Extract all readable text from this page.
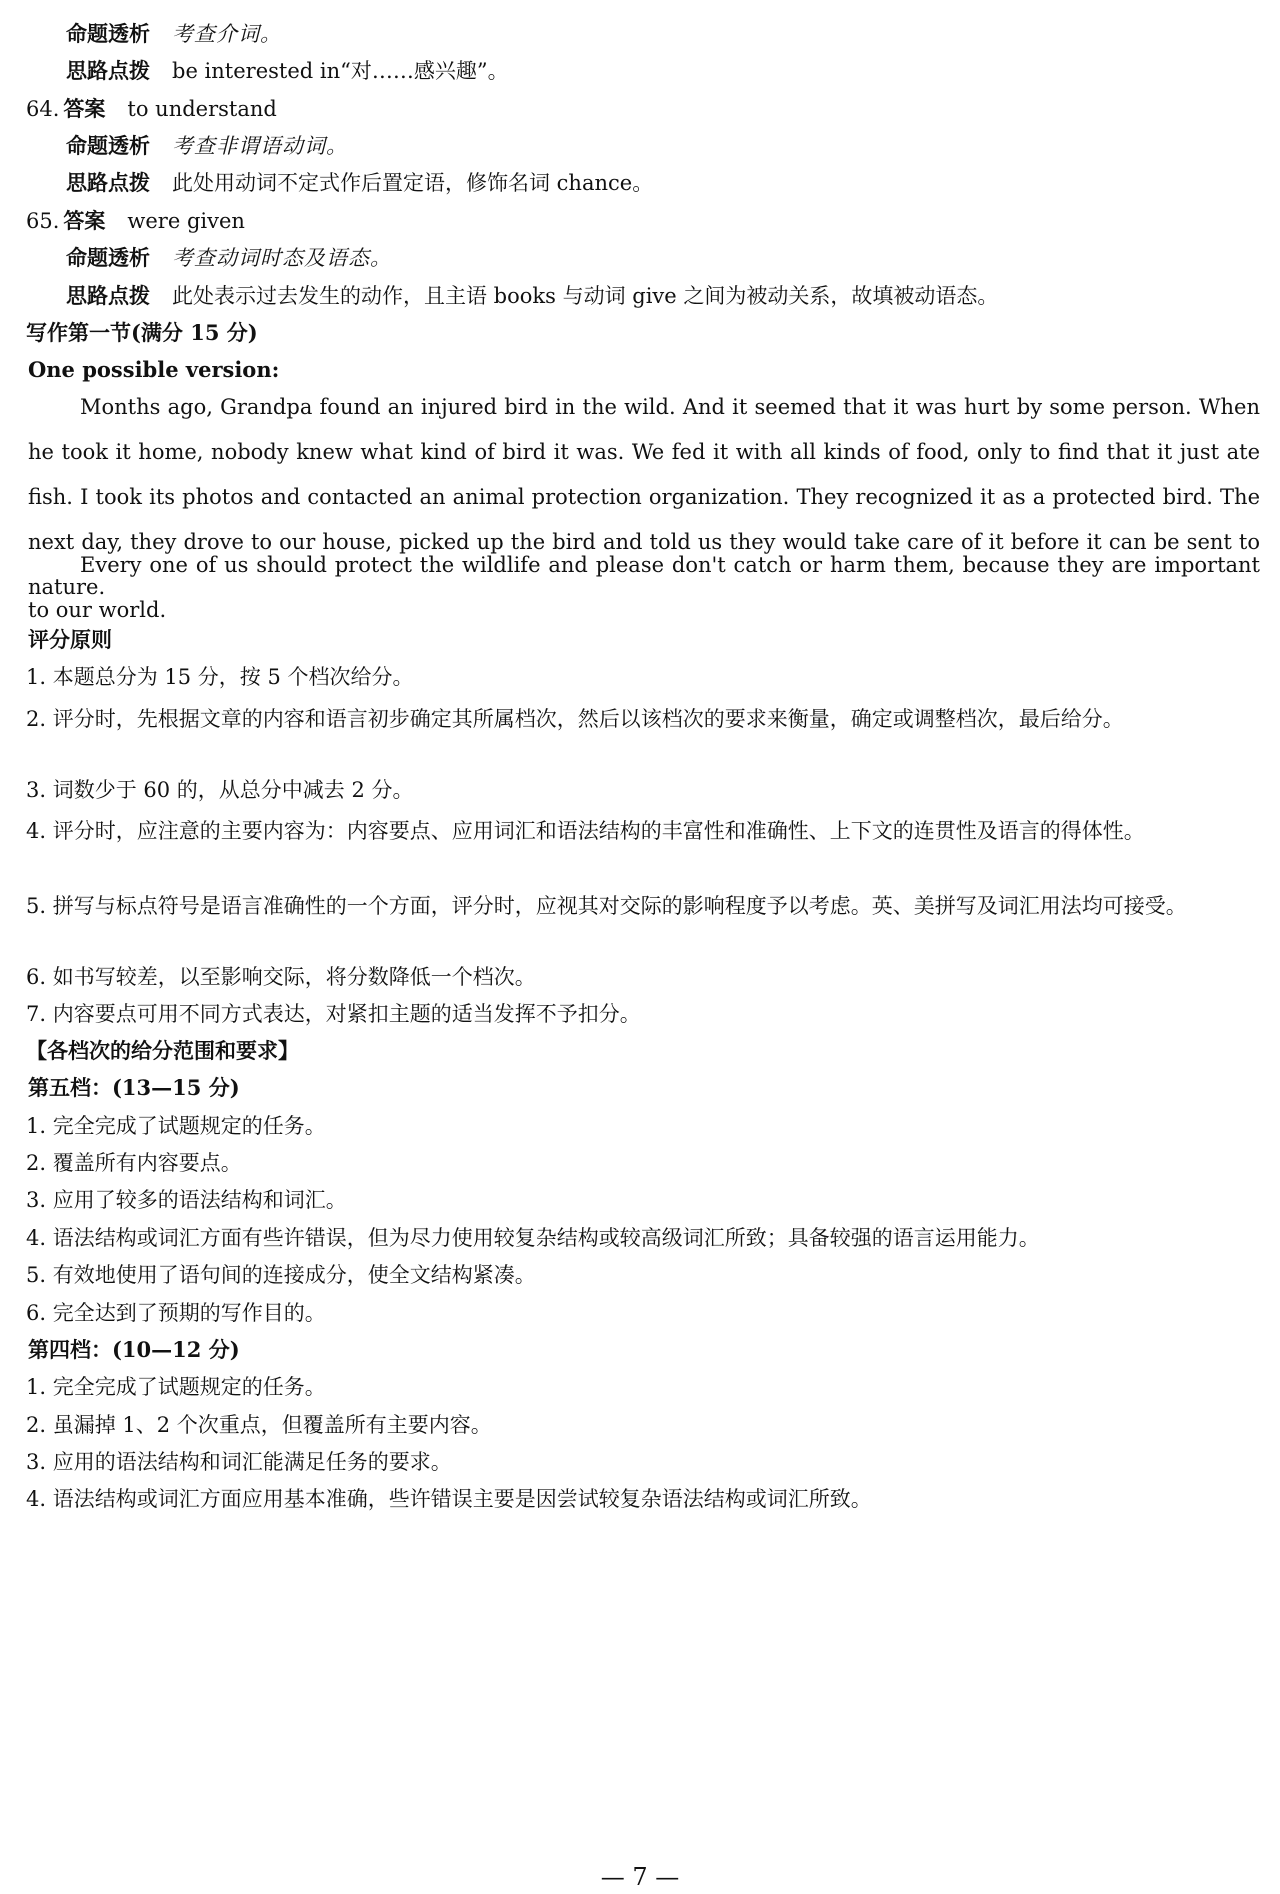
命题透析 考查介词。
思路点拨 be interested in“对……感兴趣”。
64. 答案 to understand
命题透析 考查非谓语动词。
思路点拨 此处用动词不定式作后置定语，修饰名词 chance。
65. 答案 were given
命题透析 考查动词时态及语态。
思路点拨 此处表示过去发生的动作，且主语 books 与动词 give 之间为被动关系，故填被动语态。
写作第一节(满分 15 分)
One possible version:
Months ago, Grandpa found an injured bird in the wild. And it seemed that it was hurt by some person. When he took it home, nobody knew what kind of bird it was. We fed it with all kinds of food, only to find that it just ate fish. I took its photos and contacted an animal protection organization. They recognized it as a protected bird. The next day, they drove to our house, picked up the bird and told us they would take care of it before it can be sent to nature.
Every one of us should protect the wildlife and please don't catch or harm them, because they are important to our world.
评分原则
1. 本题总分为 15 分，按 5 个档次给分。
2. 评分时，先根据文章的内容和语言初步确定其所属档次，然后以该档次的要求来衡量，确定或调整档次，最后给分。
3. 词数少于 60 的，从总分中减去 2 分。
4. 评分时，应注意的主要内容为：内容要点、应用词汇和语法结构的丰富性和准确性、上下文的连贯性及语言的得体性。
5. 拼写与标点符号是语言准确性的一个方面，评分时，应视其对交际的影响程度予以考虑。英、美拼写及词汇用法均可接受。
6. 如书写较差，以至影响交际，将分数降低一个档次。
7. 内容要点可用不同方式表达，对紧扣主题的适当发挥不予扣分。
【各档次的给分范围和要求】
第五档：(13—15 分)
1. 完全完成了试题规定的任务。
2. 覆盖所有内容要点。
3. 应用了较多的语法结构和词汇。
4. 语法结构或词汇方面有些许错误，但为尽力使用较复杂结构或较高级词汇所致；具备较强的语言运用能力。
5. 有效地使用了语句间的连接成分，使全文结构紧凑。
6. 完全达到了预期的写作目的。
第四档：(10—12 分)
1. 完全完成了试题规定的任务。
2. 虽漏掉 1、2 个次重点，但覆盖所有主要内容。
3. 应用的语法结构和词汇能满足任务的要求。
4. 语法结构或词汇方面应用基本准确，些许错误主要是因尝试较复杂语法结构或词汇所致。
— 7 —
